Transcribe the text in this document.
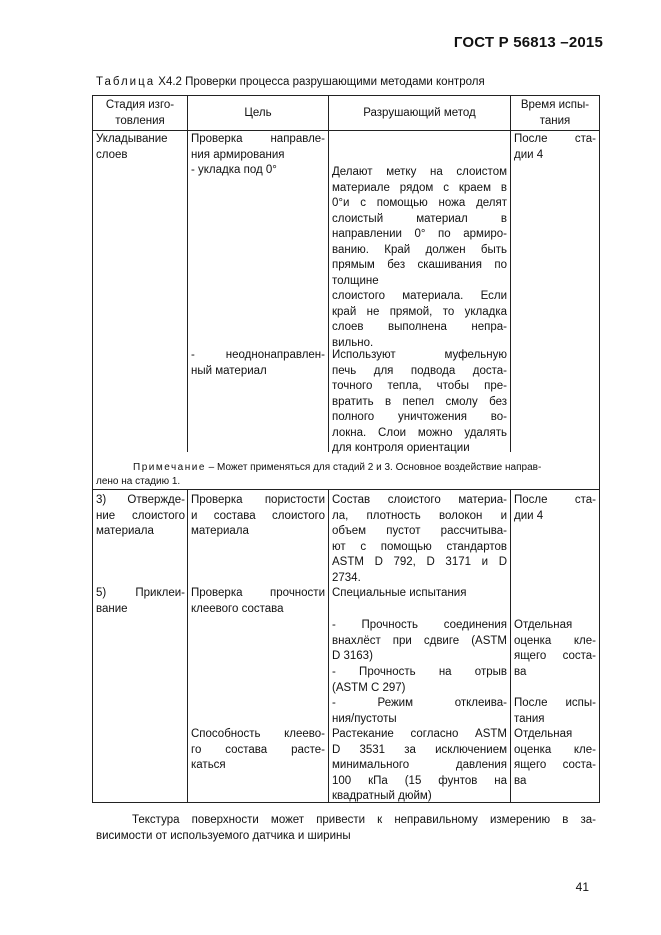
ГОСТ Р 56813 –2015
Таблица Х4.2 Проверки процесса разрушающими методами контроля
Стадия изго-
товления
Цель	Разрушающий метод
Время испы-
тания
Укладывание
слоев
Проверка направле-
ния армирования
- укладка под 0°	Делают метку на слоистом
материале рядом с краем в
0°и с помощью ножа делят
слоистый материал в
направлении 0° по армиро-
ванию. Край должен быть
прямым без скашивания по
толщине
слоистого материала. Если
край не прямой, то укладка
слоев выполнена непра-
вильно.
- неоднонаправлен-
ный материал
Используют муфельную
печь для подвода доста-
точного тепла, чтобы пре-
вратить в пепел смолу без
полного уничтожения во-
локна. Слои можно удалять
для контроля ориентации
После ста-
дии 4
Примечание – Может применяться для стадий 2 и 3. Основное воздействие направ-
лено на стадию 1.
3) Отвержде-
ние слоистого
материала
Проверка пористости
и состава слоистого
материала
Состав слоистого материа-
ла, плотность волокон и
объем пустот рассчитыва-
ют с помощью стандартов
ASTM D 792, D 3171 и D
2734.
После ста-
дии 4
5) Приклеи-
вание
Проверка прочности
клеевого состава
Специальные испытания
- Прочность соединения
внахлёст при сдвиге (ASTM
D 3163)
- Прочность на отрыв
(ASTM C 297)
- Режим отклеива-
ния/пустоты
Отдельная
оценка кле-
ящего соста-
ва
После испы-
тания
Способность клеево-
го состава расте-
каться
Растекание согласно ASTM
D 3531 за исключением
минимального давления
100 кПа (15 фунтов на
квадратный дюйм)
Отдельная
оценка кле-
ящего соста-
ва
Текстура поверхности может привести к неправильному измерению в за-
висимости от используемого датчика и ширины
41
